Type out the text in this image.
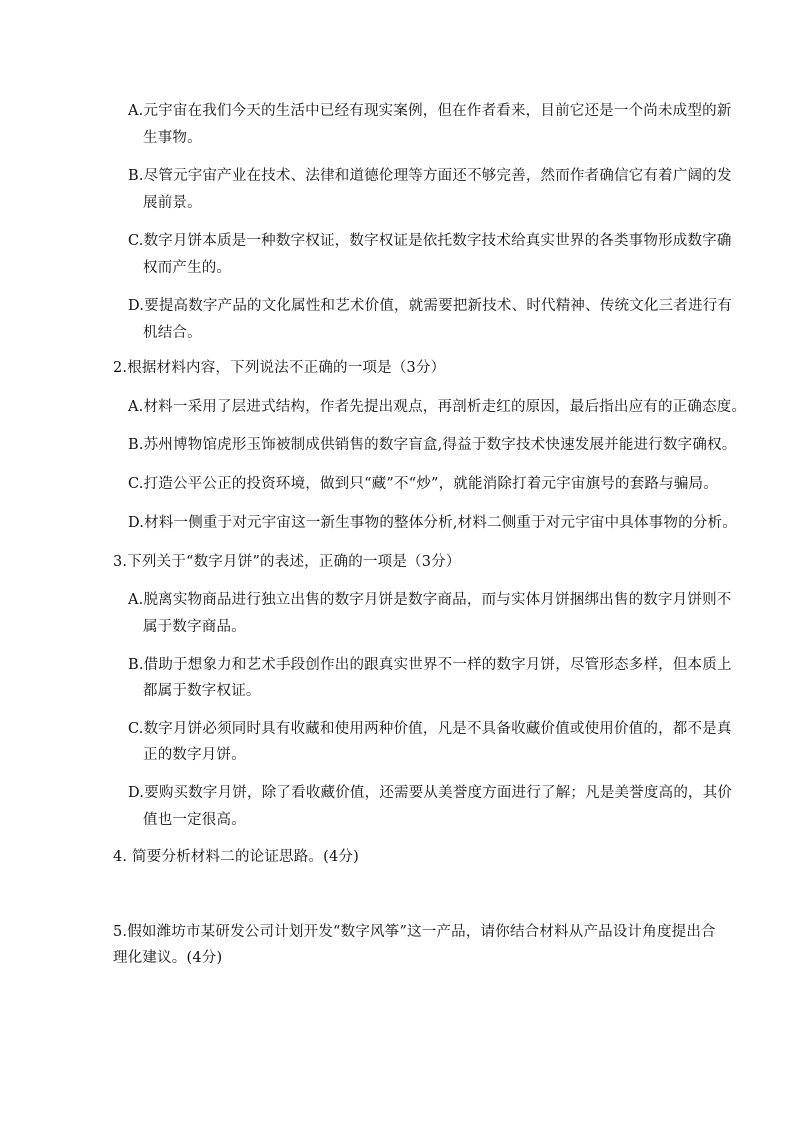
A.元宇宙在我们今天的生活中已经有现实案例，但在作者看来，目前它还是一个尚未成型的新
生事物。
B.尽管元宇宙产业在技术、法律和道德伦理等方面还不够完善，然而作者确信它有着广阔的发
展前景。
C.数字月饼本质是一种数字权证，数字权证是依托数字技术给真实世界的各类事物形成数字确
权而产生的。
D.要提高数字产品的文化属性和艺术价值，就需要把新技术、时代精神、传统文化三者进行有
机结合。
2.根据材料内容，下列说法不正确的一项是（3分）
A.材料一采用了层进式结构，作者先提出观点，再剖析走红的原因，最后指出应有的正确态度。
B.苏州博物馆虎形玉饰被制成供销售的数字盲盒,得益于数字技术快速发展并能进行数字确权。
C.打造公平公正的投资环境，做到只“藏”不“炒”，就能消除打着元宇宙旗号的套路与骗局。
D.材料一侧重于对元宇宙这一新生事物的整体分析,材料二侧重于对元宇宙中具体事物的分析。
3.下列关于“数字月饼”的表述，正确的一项是（3分）
A.脱离实物商品进行独立出售的数字月饼是数字商品，而与实体月饼捆绑出售的数字月饼则不
属于数字商品。
B.借助于想象力和艺术手段创作出的跟真实世界不一样的数字月饼，尽管形态多样，但本质上
都属于数字权证。
C.数字月饼必须同时具有收藏和使用两种价值，凡是不具备收藏价值或使用价值的，都不是真
正的数字月饼。
D.要购买数字月饼，除了看收藏价值，还需要从美誉度方面进行了解；凡是美誉度高的，其价
值也一定很高。
4. 简要分析材料二的论证思路。(4分)
5.假如潍坊市某研发公司计划开发“数字风筝”这一产品，请你结合材料从产品设计角度提出合
理化建议。(4分)
